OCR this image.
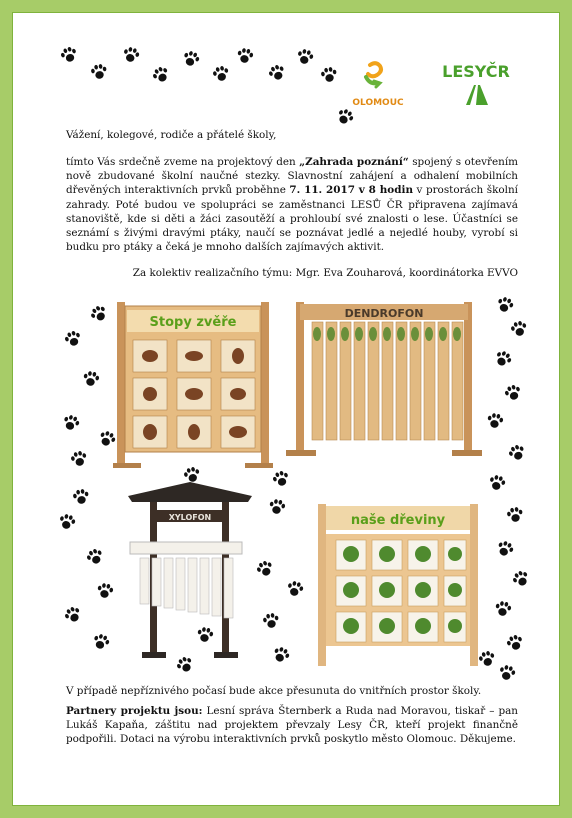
OLOMOUC
LESYČR
Vážení, kolegové, rodiče a přátelé školy,
tímto Vás srdečně zveme na projektový den „Zahrada poznání“ spojený s otevřením nově zbudované školní naučné stezky. Slavnostní zahájení a odhalení mobilních dřevěných interaktivních prvků proběhne 7. 11. 2017 v 8 hodin v prostorách školní zahrady. Poté budou ve spolupráci se zaměstnanci LESŮ ČR připravena zajímavá stanoviště, kde si děti a žáci zasoutěží a prohloubí své znalosti o lese. Účastníci se seznámí s živými dravými ptáky, naučí se poznávat jedlé a nejedlé houby, vyrobí si budku pro ptáky a čeká je mnoho dalších zajímavých aktivit.
Za kolektiv realizačního týmu: Mgr. Eva Zouharová, koordinátorka EVVO
Stopy zvěře
DENDROFON
XYLOFON	naše dřeviny
V případě nepříznivého počasí bude akce přesunuta do vnitřních prostor školy.
Partnery projektu jsou: Lesní správa Šternberk a Ruda nad Moravou, tiskař – pan Lukáš Kapaňa, záštitu nad projektem převzaly Lesy ČR, kteří projekt finančně podpořili. Dotaci na výrobu interaktivních prvků poskytlo město Olomouc. Děkujeme.
